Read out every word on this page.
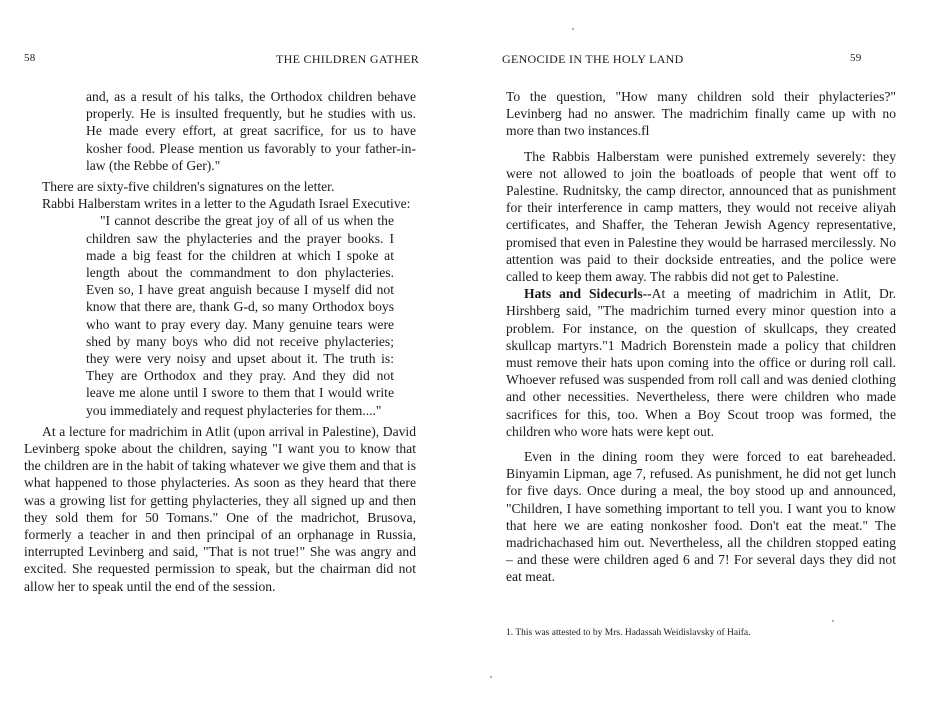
58	THE CHILDREN GATHER

and, as a result of his talks, the Orthodox children behave properly. He is insulted frequently, but he studies with us. He made every effort, at great sacrifice, for us to have kosher food. Please mention us favorably to your father-in-law (the Rebbe of Ger)."

There are sixty-five children's signatures on the letter.

Rabbi Halberstam writes in a letter to the Agudath Israel Executive:

"I cannot describe the great joy of all of us when the children saw the phylacteries and the prayer books. I made a big feast for the children at which I spoke at length about the commandment to don phylacteries. Even so, I have great anguish because I myself did not know that there are, thank G-d, so many Orthodox boys who want to pray every day. Many genuine tears were shed by many boys who did not receive phylacteries; they were very noisy and upset about it. The truth is: They are Orthodox and they pray. And they did not leave me alone until I swore to them that I would write you immediately and request phylacteries for them...."

At a lecture for madrichim in Atlit (upon arrival in Palestine), David Levinberg spoke about the children, saying "I want you to know that the children are in the habit of taking whatever we give them and that is what happened to those phylacteries. As soon as they heard that there was a growing list for getting phylacteries, they all signed up and then they sold them for 50 Tomans." One of the madrichot, Brusova, formerly a teacher in and then principal of an orphanage in Russia, interrupted Levinberg and said, "That is not true!" She was angry and excited. She requested permission to speak, but the chairman did not allow her to speak until the end of the session.

GENOCIDE IN THE HOLY LAND	59

To the question, "How many children sold their phylacteries?" Levinberg had no answer. The madrichim finally came up with no more than two instances.fl

The Rabbis Halberstam were punished extremely severely: they were not allowed to join the boatloads of people that went off to Palestine. Rudnitsky, the camp director, announced that as punishment for their interference in camp matters, they would not receive aliyah certificates, and Shaffer, the Teheran Jewish Agency representative, promised that even in Palestine they would be harrased mercilessly. No attention was paid to their dockside entreaties, and the police were called to keep them away. The rabbis did not get to Palestine.

Hats and Sidecurls--At a meeting of madrichim in Atlit, Dr. Hirshberg said, "The madrichim turned every minor question into a problem. For instance, on the question of skullcaps, they created skullcap martyrs."1 Madrich Borenstein made a policy that children must remove their hats upon coming into the office or during roll call. Whoever refused was suspended from roll call and was denied clothing and other necessities. Nevertheless, there were children who made sacrifices for this, too. When a Boy Scout troop was formed, the children who wore hats were kept out.

Even in the dining room they were forced to eat bareheaded. Binyamin Lipman, age 7, refused. As punishment, he did not get lunch for five days. Once during a meal, the boy stood up and announced, "Children, I have something important to tell you. I want you to know that here we are eating nonkosher food. Don't eat the meat." The madrichachased him out. Nevertheless, all the children stopped eating – and these were children aged 6 and 7! For several days they did not eat meat.

1. This was attested to by Mrs. Hadassah Weidislavsky of Haifa.
